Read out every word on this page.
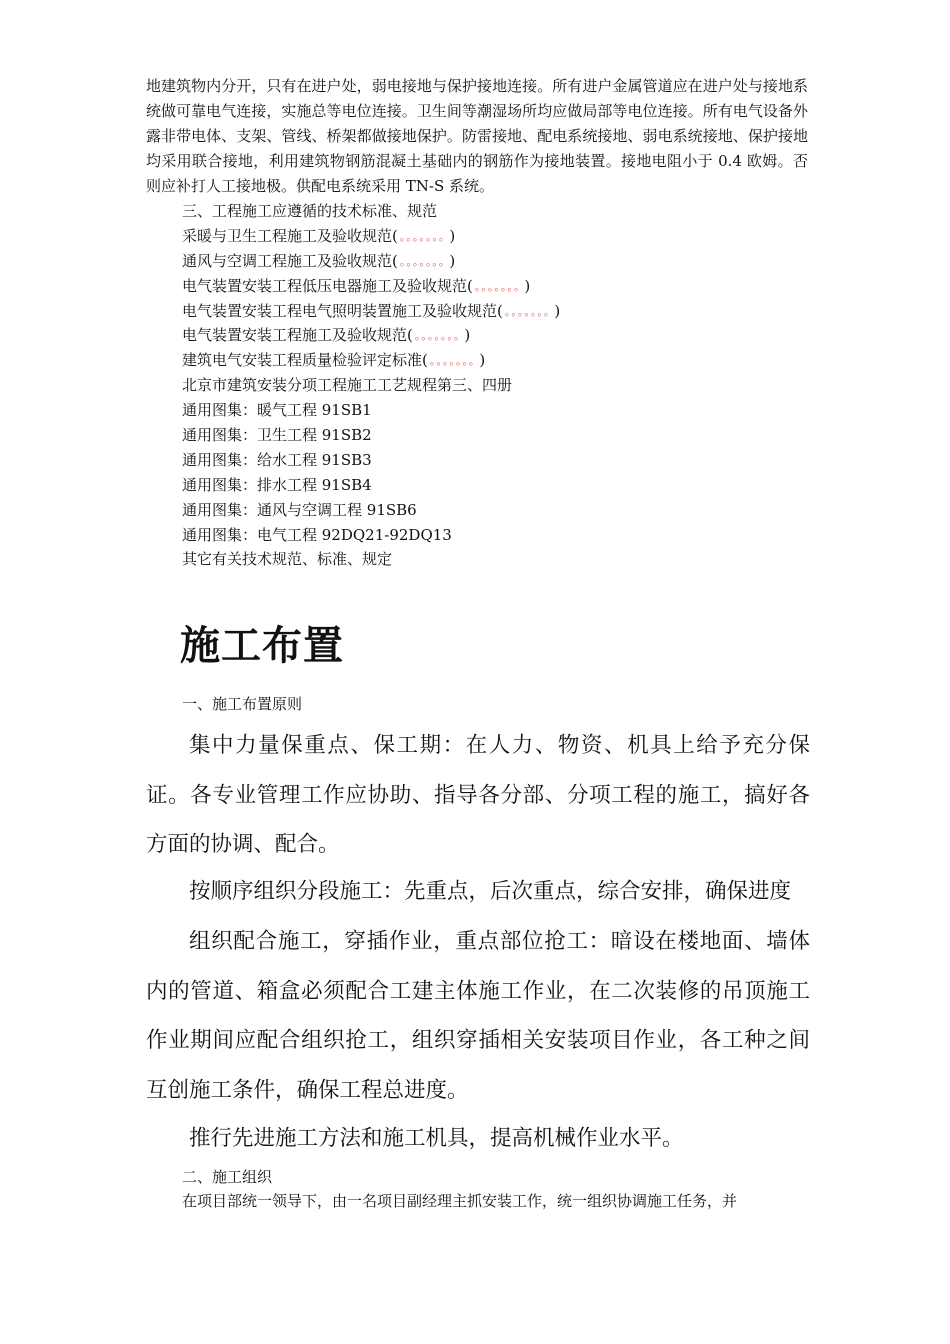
地建筑物内分开，只有在进户处，弱电接地与保护接地连接。所有进户金属管道应在进户处与接地系统做可靠电气连接，实施总等电位连接。卫生间等潮湿场所均应做局部等电位连接。所有电气设备外露非带电体、支架、管线、桥架都做接地保护。防雷接地、配电系统接地、弱电系统接地、保护接地均采用联合接地，利用建筑物钢筋混凝土基础内的钢筋作为接地装置。接地电阻小于 0.4 欧姆。否则应补打人工接地极。供配电系统采用 TN-S 系统。
三、工程施工应遵循的技术标准、规范
采暖与卫生工程施工及验收规范( 。。。。。。。 )
通风与空调工程施工及验收规范( 。。。。。。。 )
电气装置安装工程低压电器施工及验收规范( 。。。。。。。 )
电气装置安装工程电气照明装置施工及验收规范( 。。。。。。。 )
电气装置安装工程施工及验收规范( 。。。。。。。 )
建筑电气安装工程质量检验评定标准( 。。。。。。。 )
北京市建筑安装分项工程施工工艺规程第三、四册
通用图集：暖气工程 91SB1
通用图集：卫生工程 91SB2
通用图集：给水工程 91SB3
通用图集：排水工程 91SB4
通用图集：通风与空调工程 91SB6
通用图集：电气工程 92DQ21-92DQ13
其它有关技术规范、标准、规定
施工布置
一、施工布置原则
集中力量保重点、保工期：在人力、物资、机具上给予充分保证。各专业管理工作应协助、指导各分部、分项工程的施工，搞好各方面的协调、配合。
按顺序组织分段施工：先重点，后次重点，综合安排，确保进度
组织配合施工，穿插作业，重点部位抢工：暗设在楼地面、墙体内的管道、箱盒必须配合工建主体施工作业，在二次装修的吊顶施工作业期间应配合组织抢工，组织穿插相关安装项目作业，各工种之间互创施工条件，确保工程总进度。
推行先进施工方法和施工机具，提高机械作业水平。
二、施工组织
在项目部统一领导下，由一名项目副经理主抓安装工作，统一组织协调施工任务，并
